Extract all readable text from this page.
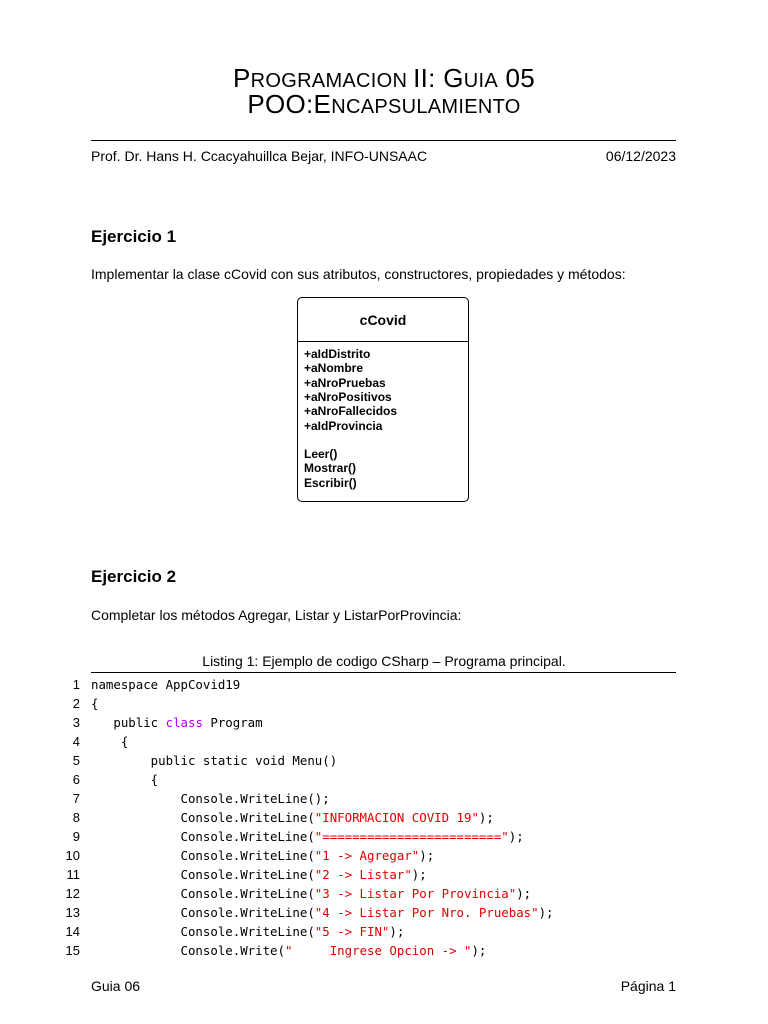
PROGRAMACION II: GUIA 05
POO:ENCAPSULAMIENTO
Prof. Dr. Hans H. Ccacyahuillca Bejar, INFO-UNSAAC	06/12/2023
Ejercicio 1
Implementar la clase cCovid con sus atributos, constructores, propiedades y métodos:
cCovid
+aIdDistrito
+aNombre
+aNroPruebas
+aNroPositivos
+aNroFallecidos
+aIdProvincia
Leer()
Mostrar()
Escribir()
Ejercicio 2
Completar los métodos Agregar, Listar y ListarPorProvincia:
Listing 1: Ejemplo de codigo CSharp – Programa principal.
1 namespace AppCovid19
2 {
3 public class Program
4 {
5 public static void Menu()
6 {
7 Console.WriteLine();
8 Console.WriteLine("INFORMACION COVID 19");
9 Console.WriteLine("========================");
10 Console.WriteLine("1 -> Agregar");
11 Console.WriteLine("2 -> Listar");
12 Console.WriteLine("3 -> Listar Por Provincia");
13 Console.WriteLine("4 -> Listar Por Nro. Pruebas");
14 Console.WriteLine("5 -> FIN");
15 Console.Write("     Ingrese Opcion -> ");
Guia 06	Página 1
